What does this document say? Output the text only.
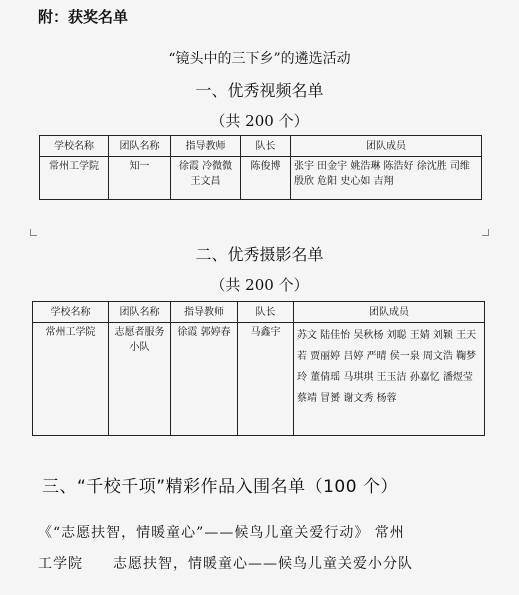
附：获奖名单
“镜头中的三下乡”的遴选活动
一、优秀视频名单
（共 200 个）
学校名称	团队名称	指导教师	队长	团队成员
常州工学院	知一	徐霞 冷微微 王文昌	陈俊博	张宇 田金宇 姚浩琳 陈浩好 徐沈胜 司维 殷欣 危阳 史心如 吉翔
二、优秀摄影名单
（共 200 个）
学校名称	团队名称	指导教师	队长	团队成员
常州工学院	志愿者服务小队	徐霞 郭婷春	马鑫宇	苏文 陆佳怡 吴秋杨 刘聪 王婧 刘颖 王天若 贾丽婷 吕婷 严晴 侯一泉 周文浩 鞠梦玲 董倩瑶 马琪琪 王玉洁 孙嘉忆 潘煜莹 蔡靖 冒赟 谢文秀 杨蓉
三、“千校千项”精彩作品入围名单（100 个）
《“志愿扶智，情暖童心”——候鸟儿童关爱行动》 常州
工学院　　志愿扶智，情暖童心——候鸟儿童关爱小分队
